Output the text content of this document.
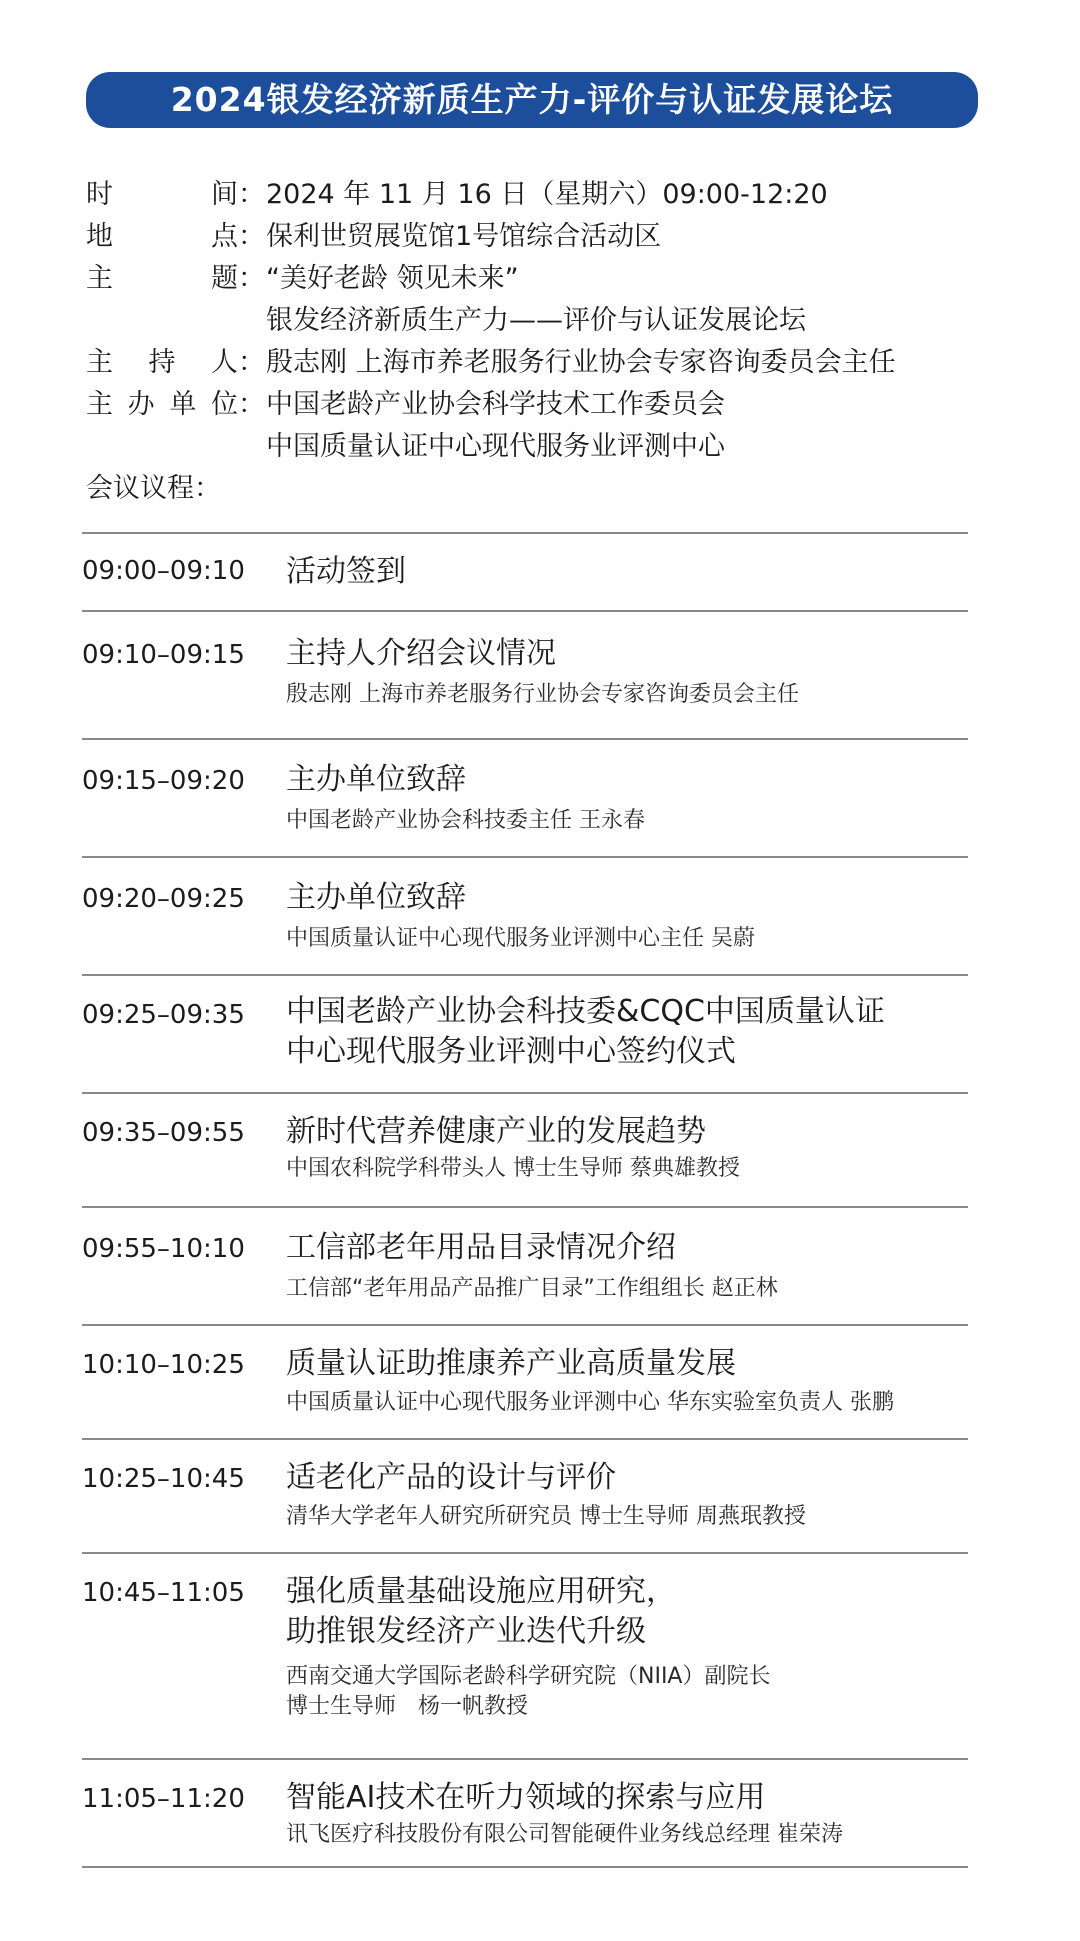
2024银发经济新质生产力-评价与认证发展论坛
时间 ： 2024 年 11 月 16 日（星期六）09:00-12:20
地点 ： 保利世贸展览馆1号馆综合活动区
主题 ： “美好老龄 领见未来”
银发经济新质生产力——评价与认证发展论坛
主持人 ： 殷志刚 上海市养老服务行业协会专家咨询委员会主任
主办单位 ： 中国老龄产业协会科学技术工作委员会
中国质量认证中心现代服务业评测中心
会议议程：
09:00–09:10	活动签到
09:10–09:15	主持人介绍会议情况
殷志刚 上海市养老服务行业协会专家咨询委员会主任
09:15–09:20	主办单位致辞
中国老龄产业协会科技委主任 王永春
09:20–09:25	主办单位致辞
中国质量认证中心现代服务业评测中心主任 吴蔚
09:25–09:35	中国老龄产业协会科技委&CQC中国质量认证
中心现代服务业评测中心签约仪式
09:35–09:55	新时代营养健康产业的发展趋势
中国农科院学科带头人 博士生导师 蔡典雄教授
09:55–10:10	工信部老年用品目录情况介绍
工信部“老年用品产品推广目录”工作组组长 赵正林
10:10–10:25	质量认证助推康养产业高质量发展
中国质量认证中心现代服务业评测中心 华东实验室负责人 张鹏
10:25–10:45	适老化产品的设计与评价
清华大学老年人研究所研究员 博士生导师 周燕珉教授
10:45–11:05	强化质量基础设施应用研究，
助推银发经济产业迭代升级
西南交通大学国际老龄科学研究院（NIIA）副院长
博士生导师　杨一帆教授
11:05–11:20	智能AI技术在听力领域的探索与应用
讯飞医疗科技股份有限公司智能硬件业务线总经理 崔荣涛
